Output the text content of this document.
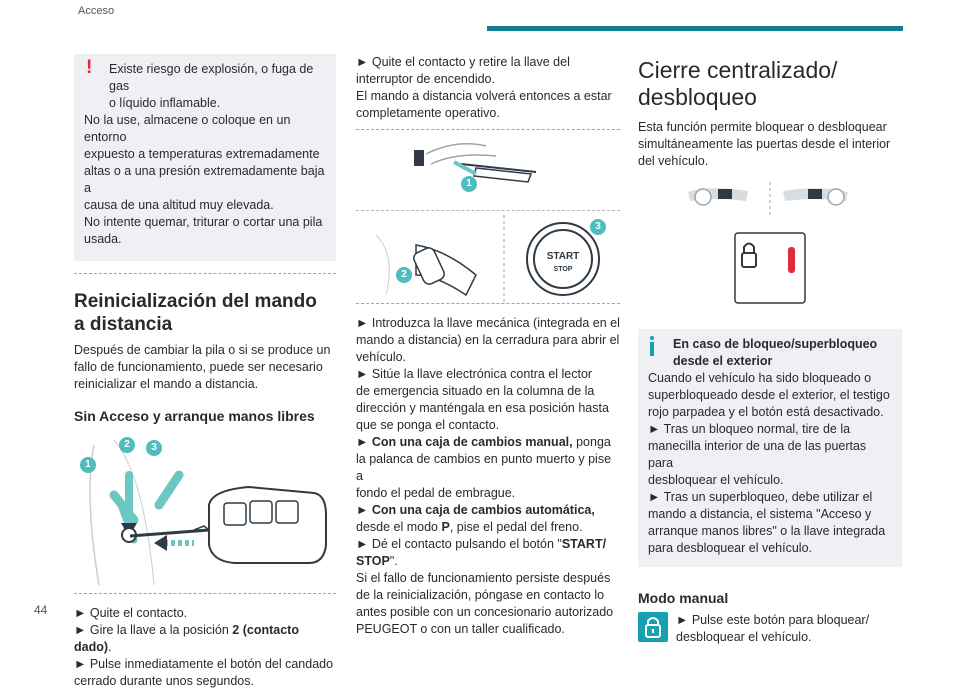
Acceso
44
!	Existe riesgo de explosión, o fuga de gas

o líquido inflamable.

No la use, almacene o coloque en un entorno

expuesto a temperaturas extremadamente

altas o a una presión extremadamente baja a

causa de una altitud muy elevada.

No intente quemar, triturar o cortar una pila

usada.

Reinicialización del mando
a distancia

Después de cambiar la pila o si se produce un

fallo de funcionamiento, puede ser necesario

reinicializar el mando a distancia.

Sin Acceso y arranque manos libres
1
2	3

► Quite el contacto.

► Gire la llave a la posición 2 (contacto dado).

► Pulse inmediatamente el botón del candado

cerrado durante unos segundos.

► Quite el contacto y retire la llave del

interruptor de encendido.

El mando a distancia volverá entonces a estar

completamente operativo.

1
START
STOP
2
3

► Introduzca la llave mecánica (integrada en el

mando a distancia) en la cerradura para abrir el

vehículo.

► Sitúe la llave electrónica contra el lector

de emergencia situado en la columna de la

dirección y manténgala en esa posición hasta

que se ponga el contacto.

► Con una caja de cambios manual, ponga

la palanca de cambios en punto muerto y pise a

fondo el pedal de embrague.

► Con una caja de cambios automática,

desde el modo P, pise el pedal del freno.

► Dé el contacto pulsando el botón "START/

STOP".

Si el fallo de funcionamiento persiste después

de la reinicialización, póngase en contacto lo

antes posible con un concesionario autorizado

PEUGEOT o con un taller cualificado.

Cierre centralizado/
desbloqueo

Esta función permite bloquear o desbloquear

simultáneamente las puertas desde el interior

del vehículo.

En caso de bloqueo/superbloqueo

desde el exterior

Cuando el vehículo ha sido bloqueado o

superbloqueado desde el exterior, el testigo

rojo parpadea y el botón está desactivado.

► Tras un bloqueo normal, tire de la

manecilla interior de una de las puertas para

desbloquear el vehículo.

► Tras un superbloqueo, debe utilizar el

mando a distancia, el sistema "Acceso y

arranque manos libres" o la llave integrada

para desbloquear el vehículo.

Modo manual

► Pulse este botón para bloquear/

desbloquear el vehículo.
